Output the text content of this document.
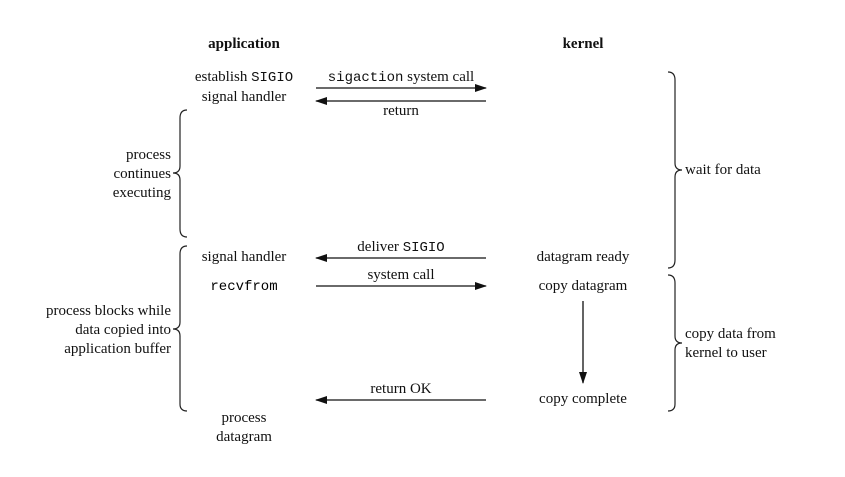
application	kernel
establish SIGIO
signal handler
sigaction system call
return
process
continues
executing
signal handler
deliver SIGIO
datagram ready
recvfrom
system call
copy datagram
process blocks while
data copied into
application buffer
return OK
copy complete
process
datagram
wait for data
copy data from
kernel to user
